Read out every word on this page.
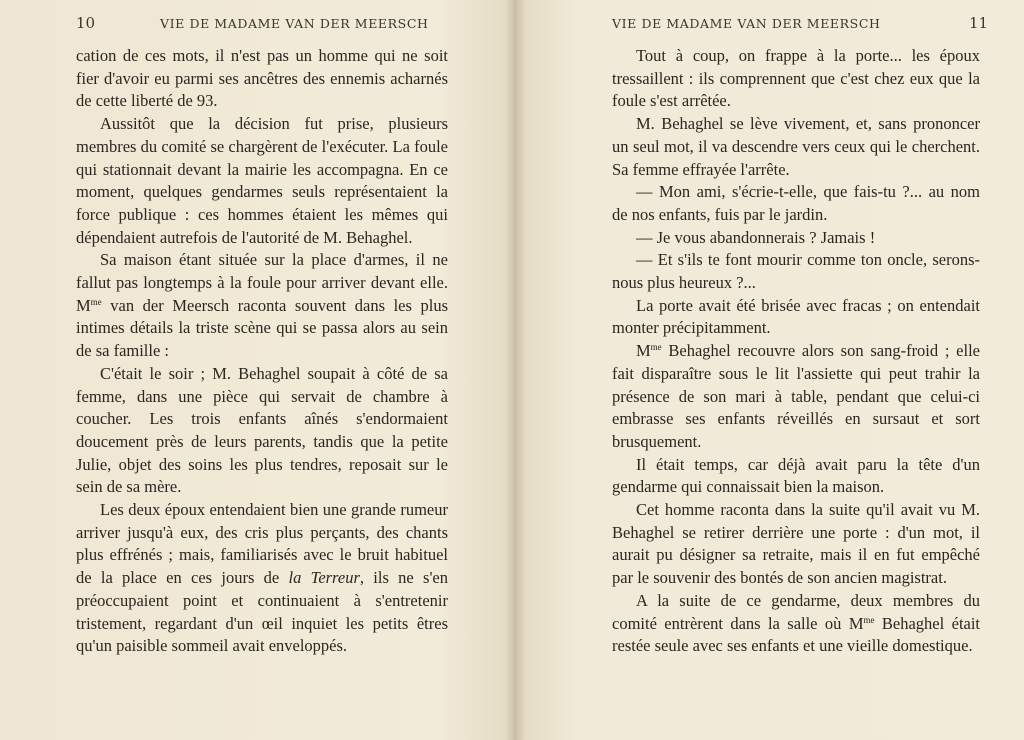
10	VIE DE MADAME VAN DER MEERSCH

cation de ces mots, il n'est pas un homme qui ne soit fier d'avoir eu parmi ses ancêtres des ennemis acharnés de cette liberté de 93.

Aussitôt que la décision fut prise, plusieurs membres du comité se chargèrent de l'exécuter. La foule qui stationnait devant la mairie les accompagna. En ce moment, quelques gendarmes seuls représentaient la force publique : ces hommes étaient les mêmes qui dépendaient autrefois de l'autorité de M. Behaghel.

Sa maison étant située sur la place d'armes, il ne fallut pas longtemps à la foule pour arriver devant elle. $M^{me}$ van der Meersch raconta souvent dans les plus intimes détails la triste scène qui se passa alors au sein de sa famille :

C'était le soir ; M. Behaghel soupait à côté de sa femme, dans une pièce qui servait de chambre à coucher. Les trois enfants aînés s'endormaient doucement près de leurs parents, tandis que la petite Julie, objet des soins les plus tendres, reposait sur le sein de sa mère.

Les deux époux entendaient bien une grande rumeur arriver jusqu'à eux, des cris plus perçants, des chants plus effrénés ; mais, familiarisés avec le bruit habituel de la place en ces jours de la Terreur, ils ne s'en préoccupaient point et continuaient à s'entretenir tristement, regardant d'un œil inquiet les petits êtres qu'un paisible sommeil avait enveloppés.

VIE DE MADAME VAN DER MEERSCH	11

Tout à coup, on frappe à la porte... les époux tressaillent : ils comprennent que c'est chez eux que la foule s'est arrêtée.

M. Behaghel se lève vivement, et, sans prononcer un seul mot, il va descendre vers ceux qui le cherchent. Sa femme effrayée l'arrête.

— Mon ami, s'écrie-t-elle, que fais-tu ?... au nom de nos enfants, fuis par le jardin.

— Je vous abandonnerais ? Jamais !

— Et s'ils te font mourir comme ton oncle, serons-nous plus heureux ?...

La porte avait été brisée avec fracas ; on entendait monter précipitamment.

$M^{me}$ Behaghel recouvre alors son sang-froid ; elle fait disparaître sous le lit l'assiette qui peut trahir la présence de son mari à table, pendant que celui-ci embrasse ses enfants réveillés en sursaut et sort brusquement.

Il était temps, car déjà avait paru la tête d'un gendarme qui connaissait bien la maison.

Cet homme raconta dans la suite qu'il avait vu M. Behaghel se retirer derrière une porte : d'un mot, il aurait pu désigner sa retraite, mais il en fut empêché par le souvenir des bontés de son ancien magistrat.

A la suite de ce gendarme, deux membres du comité entrèrent dans la salle où $M^{me}$ Behaghel était restée seule avec ses enfants et une vieille domestique.
